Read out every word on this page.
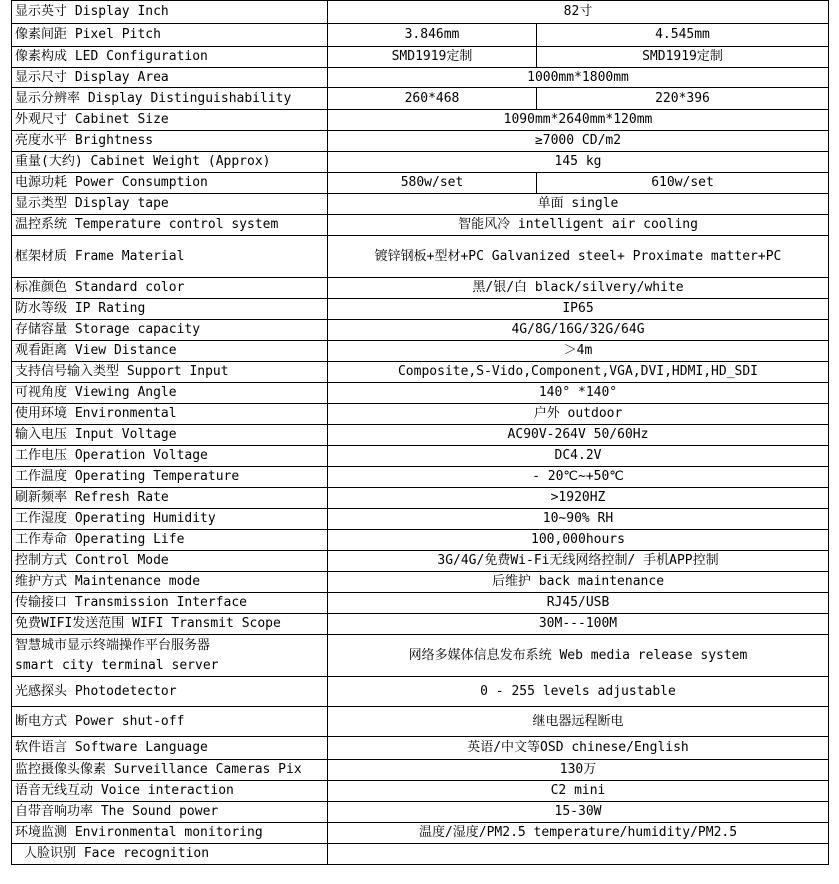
显示英寸 Display Inch	82寸	
像素间距 Pixel Pitch	3.846mm	4.545mm
像素构成 LED Configuration	SMD1919定制	SMD1919定制
显示尺寸 Display Area	1000mm*1800mm	
显示分辨率 Display Distinguishability	260*468	220*396
外观尺寸 Cabinet Size	1090mm*2640mm*120mm	
亮度水平 Brightness	≥7000 CD/m2	
重量(大约) Cabinet Weight (Approx)	145 kg	
电源功耗 Power Consumption	580w/set	610w/set
显示类型 Display tape	单面 single	
温控系统 Temperature control system	智能风冷 intelligent air cooling	
框架材质 Frame Material	镀锌钢板+型材+PC Galvanized steel+ Proximate matter+PC	
标准颜色 Standard color	黑/银/白 black/silvery/white	
防水等级 IP Rating	IP65	
存储容量 Storage capacity	4G/8G/16G/32G/64G	
观看距离 View Distance	＞4m	
支持信号输入类型 Support Input	Composite,S-Vido,Component,VGA,DVI,HDMI,HD_SDI	
可视角度 Viewing Angle	140° *140°	
使用环境 Environmental	户外 outdoor	
输入电压 Input Voltage	AC90V-264V 50/60Hz	
工作电压 Operation Voltage	DC4.2V	
工作温度 Operating Temperature	- 20℃~+50℃	
刷新频率 Refresh Rate	>1920HZ	
工作湿度 Operating Humidity	10~90% RH	
工作寿命 Operating Life	100,000hours	
控制方式 Control Mode	3G/4G/免费Wi-Fi无线网络控制/ 手机APP控制	
维护方式 Maintenance mode	后维护 back maintenance	
传输接口 Transmission Interface	RJ45/USB	
免费WIFI发送范围 WIFI Transmit Scope	30M---100M	
智慧城市显示终端操作平台服务器
smart city terminal server	网络多媒体信息发布系统 Web media release system	
光感探头 Photodetector	0 - 255 levels adjustable	
断电方式 Power shut-off	继电器远程断电	
软件语言 Software Language	英语/中文等OSD chinese/English	
监控摄像头像素 Surveillance Cameras Pix	130万	
语音无线互动 Voice interaction	C2 mini	
自带音响功率 The Sound power	15-30W	
环境监测 Environmental monitoring	温度/湿度/PM2.5 temperature/humidity/PM2.5	
人脸识别 Face recognition		
